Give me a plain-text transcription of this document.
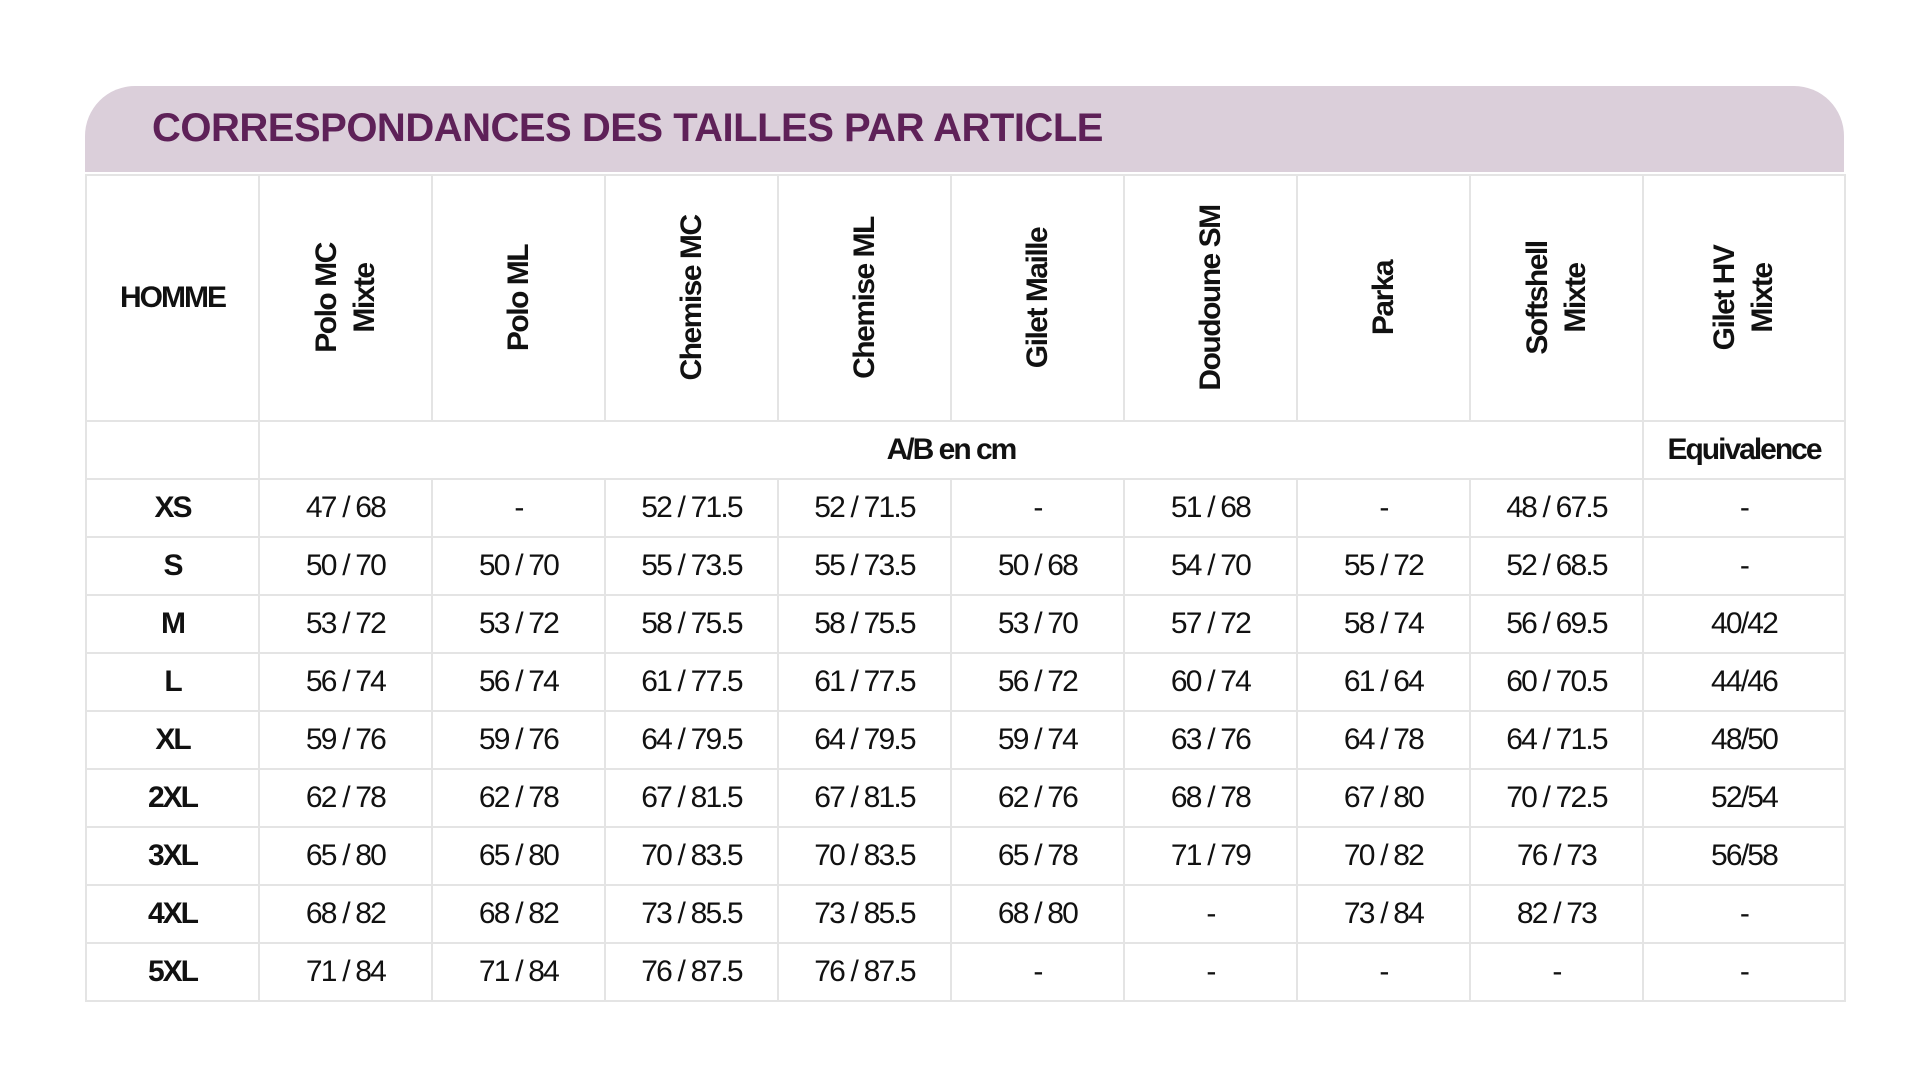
CORRESPONDANCES DES TAILLES PAR ARTICLE
HOMME	Polo MC Mixte	Polo ML	Chemise MC	Chemise ML	Gilet Maille	Doudoune SM	Parka	Softshell Mixte	Gilet HV Mixte

	A/B en cm								Equivalence
XS	47 / 68	-	52 / 71.5	52 / 71.5	-	51 / 68	-	48 / 67.5	-
S	50 / 70	50 / 70	55 / 73.5	55 / 73.5	50 / 68	54 / 70	55 / 72	52 / 68.5	-
M	53 / 72	53 / 72	58 / 75.5	58 / 75.5	53 / 70	57 / 72	58 / 74	56 / 69.5	40/42
L	56 / 74	56 / 74	61 / 77.5	61 / 77.5	56 / 72	60 / 74	61 / 64	60 / 70.5	44/46
XL	59 / 76	59 / 76	64 / 79.5	64 / 79.5	59 / 74	63 / 76	64 / 78	64 / 71.5	48/50
2XL	62 / 78	62 / 78	67 / 81.5	67 / 81.5	62 / 76	68 / 78	67 / 80	70 / 72.5	52/54
3XL	65 / 80	65 / 80	70 / 83.5	70 / 83.5	65 / 78	71 / 79	70 / 82	76 / 73	56/58
4XL	68 / 82	68 / 82	73 / 85.5	73 / 85.5	68 / 80	-	73 / 84	82 / 73	-
5XL	71 / 84	71 / 84	76 / 87.5	76 / 87.5	-	-	-	-	-
